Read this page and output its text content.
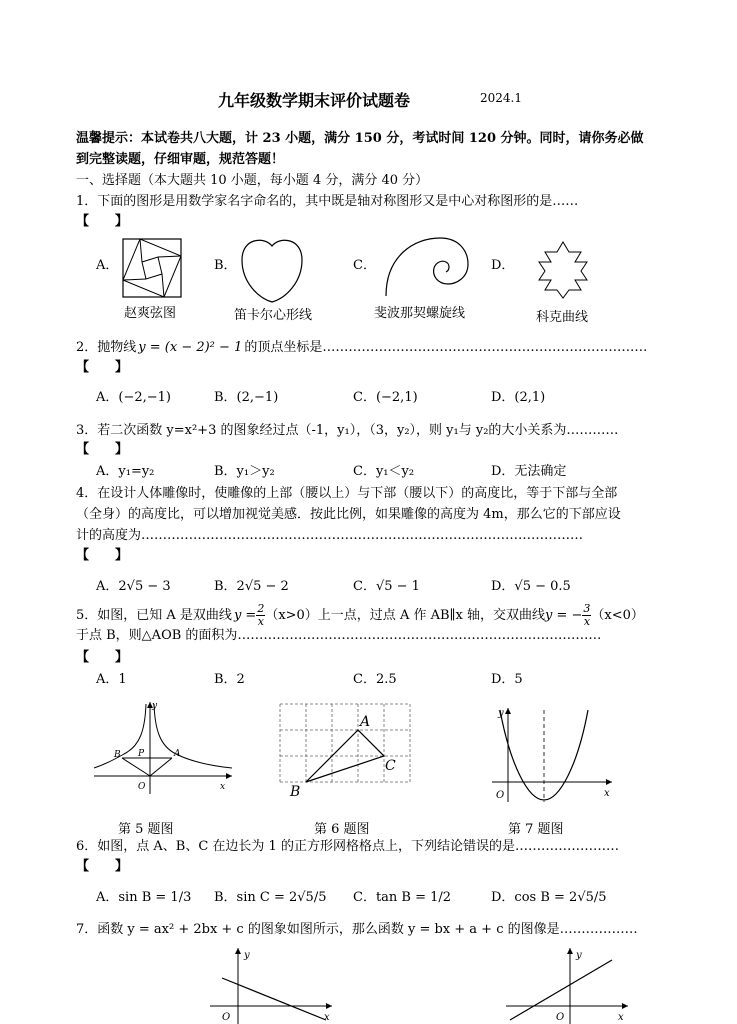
九年级数学期末评价试题卷	2024.1
温馨提示：本试卷共八大题，计 23 小题，满分 150 分，考试时间 120 分钟。同时，请你务必做
到完整读题，仔细审题，规范答题！
一、选择题（本大题共 10 小题，每小题 4 分，满分 40 分）
1．下面的图形是用数学家名字命名的，其中既是轴对称图形又是中心对称图形的是……
【　　】
A．	B．	C．	D．
赵爽弦图	笛卡尔心形线	斐波那契螺旋线	科克曲线
2．抛物线 y = (x − 2)² − 1 的顶点坐标是…………………………………………………………………
【　　】
A．(−2,−1)	B．(2,−1)	C．(−2,1)	D．(2,1)
3．若二次函数 y=x²+3 的图象经过点（-1，y₁），（3，y₂），则 y₁与 y₂的大小关系为…………
【　　】
A．y₁=y₂	B．y₁＞y₂	C．y₁＜y₂	D．无法确定
4．在设计人体雕像时，使雕像的上部（腰以上）与下部（腰以下）的高度比，等于下部与全部
（全身）的高度比，可以增加视觉美感．按此比例，如果雕像的高度为 4m，那么它的下部应设
计的高度为…………………………………………………………………………………………
【　　】
A．2√5 − 3	B．2√5 − 2	C．√5 − 1	D．√5 − 0.5
5．如图，已知 A 是双曲线 $y = \frac{2}{x} (x>0)$上一点，过点 A 作 AB∥x 轴，交双曲线y = − $\frac{3}{x} (x<0)$
于点 B，则△AOB 的面积为…………………………………………………………………………
【　　】
A．1	B．2	C．2.5	D．5
B P	A
O
y
x
第 5 题图
A
B
C
第 6 题图
y
O	x
第 7 题图
6．如图，点 A、B、C 在边长为 1 的正方形网格格点上，下列结论错误的是……………………
【　　】
A．sin B = 1/3 B．sin C = 2√5/5 C．tan B = 1/2	D．cos B = 2√5/5
7．函数 y = ax² + 2bx + c 的图象如图所示，那么函数 y = bx + a + c 的图像是………………
y
O	x
y
O	x
